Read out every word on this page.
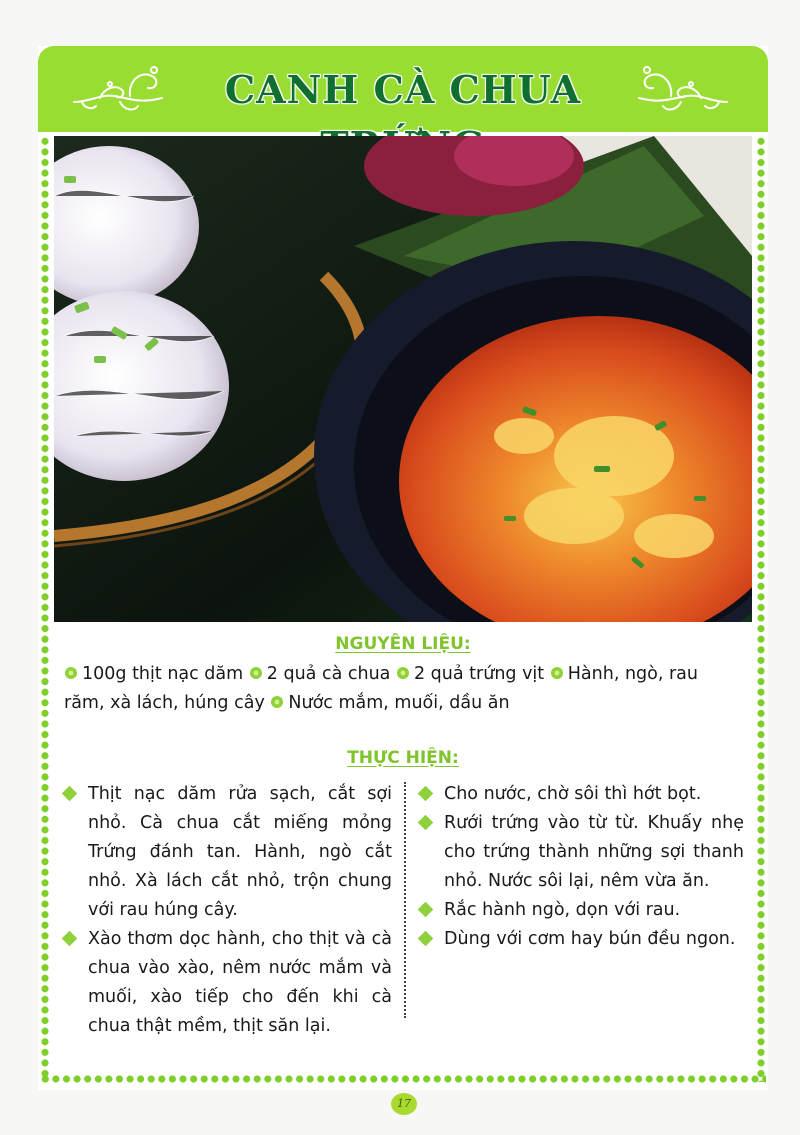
CANH CÀ CHUA
NGUYÊN LIỆU:
100g thịt nạc dăm 2 quả cà chua 2 quả trứng vịt Hành, ngò, rau
răm, xà lách, húng cây Nước mắm, muối, dầu ăn
THỰC HIỆN:
Thịt nạc dăm rửa sạch, cắt sợi nhỏ. Cà chua cắt miếng mỏng Trứng đánh tan. Hành, ngò cắt nhỏ. Xà lách cắt nhỏ, trộn chung với rau húng cây.
Xào thơm dọc hành, cho thịt và cà chua vào xào, nêm nước mắm và muối, xào tiếp cho đến khi cà chua thật mềm, thịt săn lại.
Cho nước, chờ sôi thì hớt bọt.
Rưới trứng vào từ từ. Khuấy nhẹ cho trứng thành những sợi thanh nhỏ. Nước sôi lại, nêm vừa ăn.
Rắc hành ngò, dọn với rau.
Dùng với cơm hay bún đều ngon.
17
